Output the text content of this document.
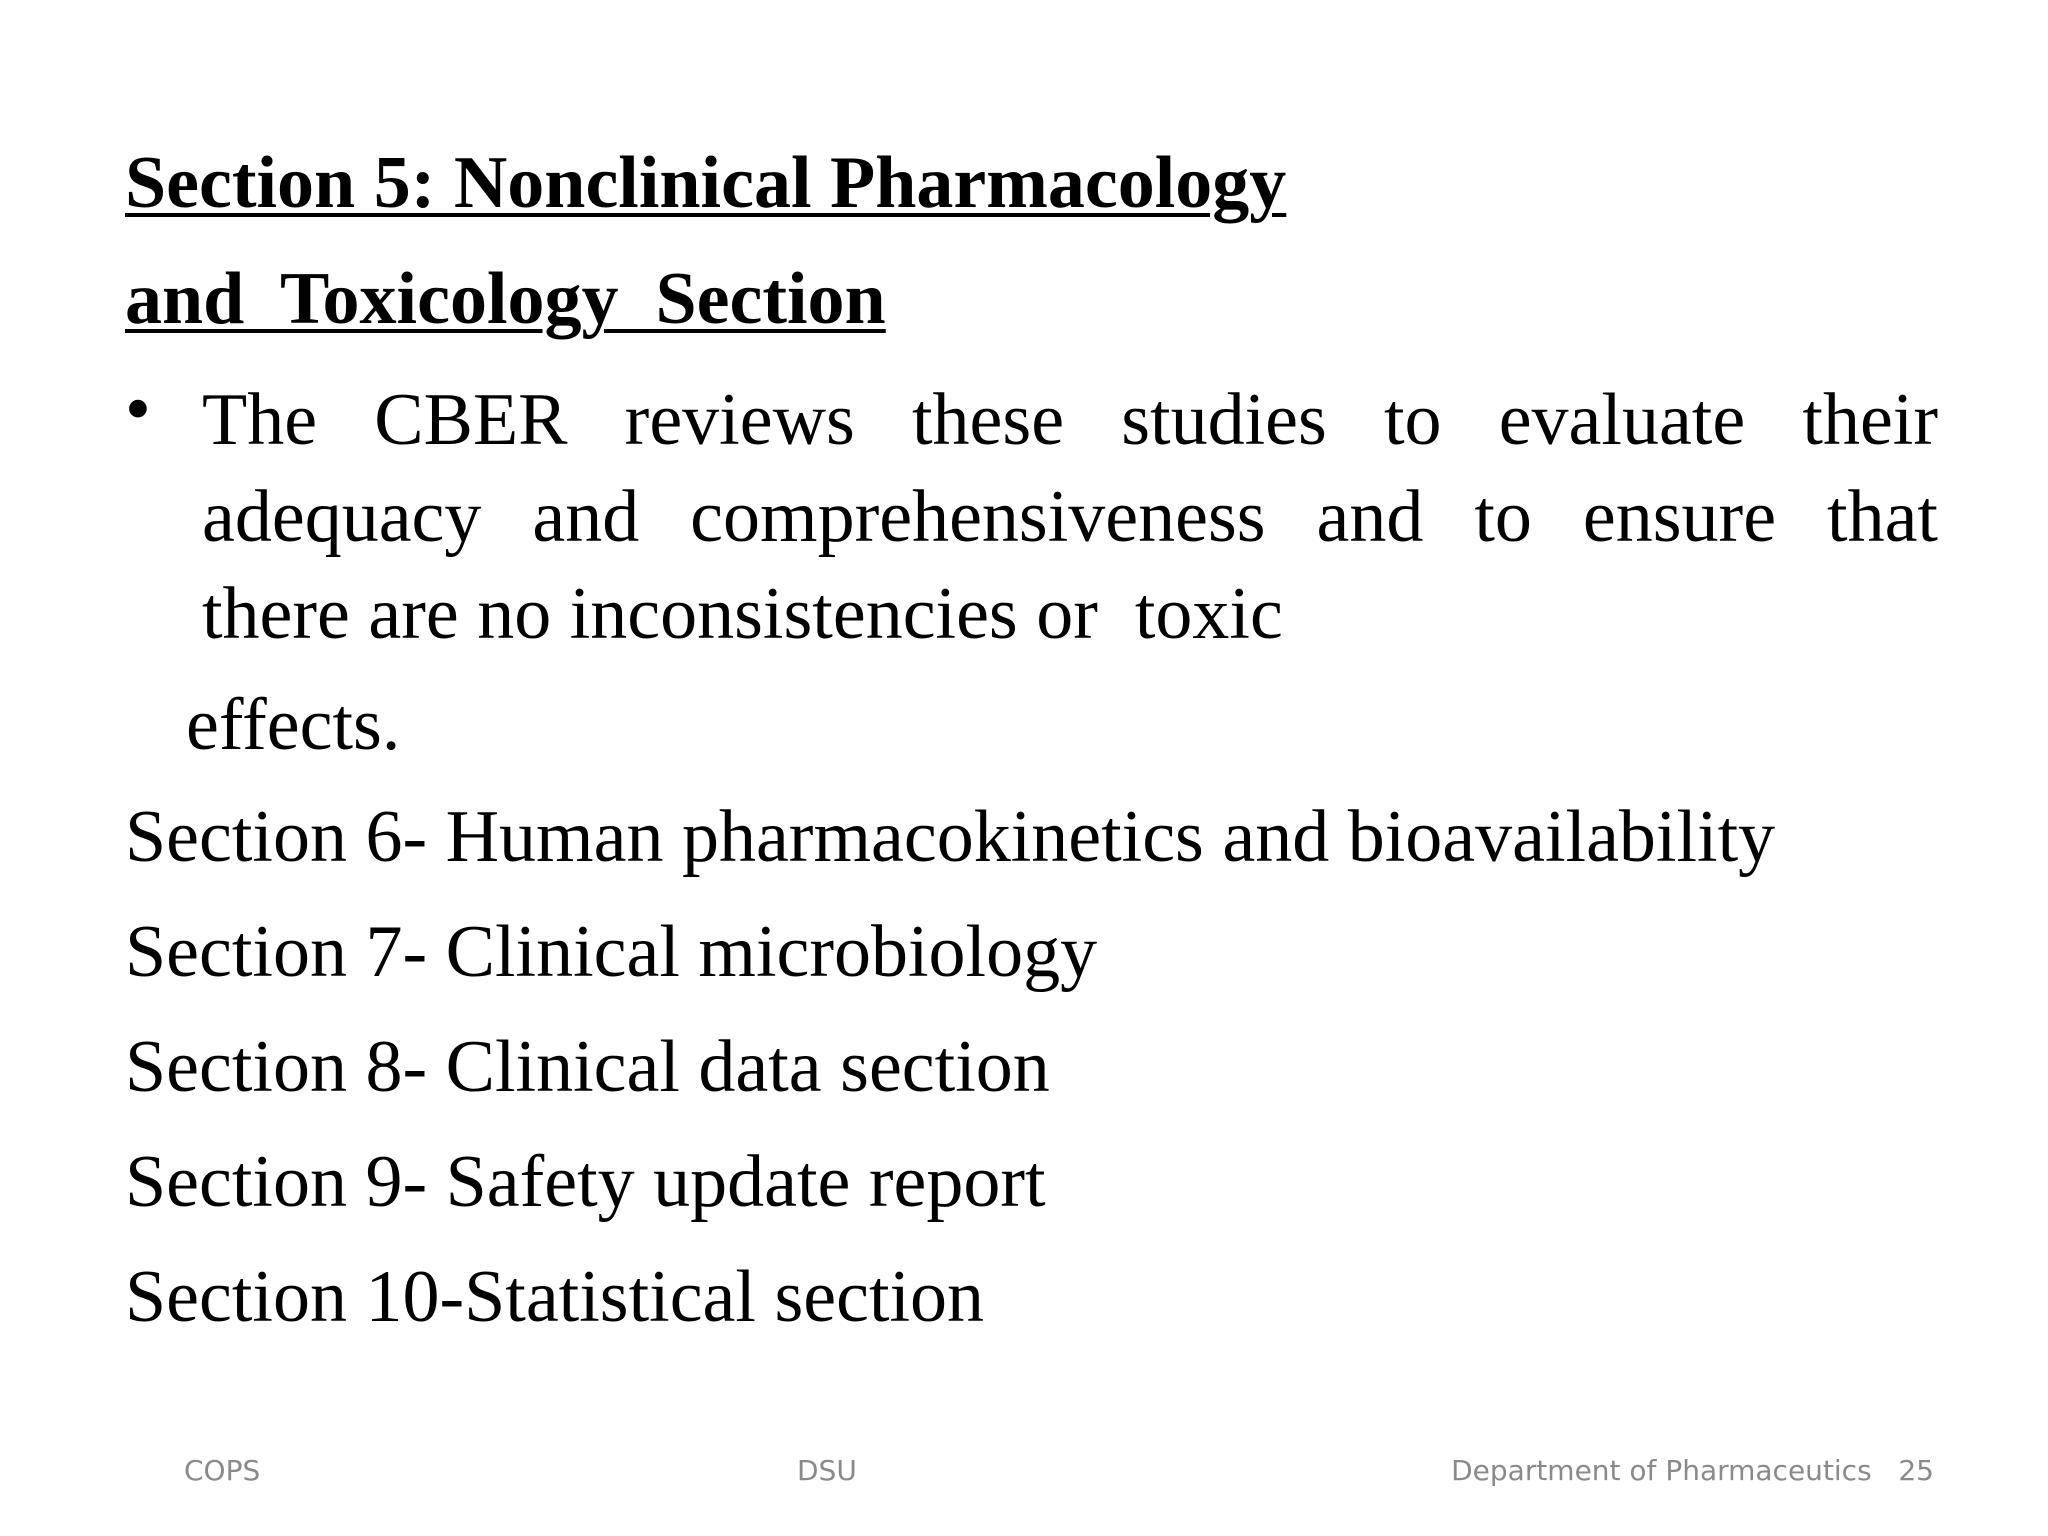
Section 5: Nonclinical Pharmacology
and  Toxicology  Section
• The CBER reviews these studies to evaluate their
adequacy and comprehensiveness and to ensure that
there are no inconsistencies or  toxic
effects.
Section 6- Human pharmacokinetics and bioavailability
Section 7- Clinical microbiology
Section 8- Clinical data section
Section 9- Safety update report
Section 10-Statistical section
COPS	DSU	Department of Pharmaceutics   25
